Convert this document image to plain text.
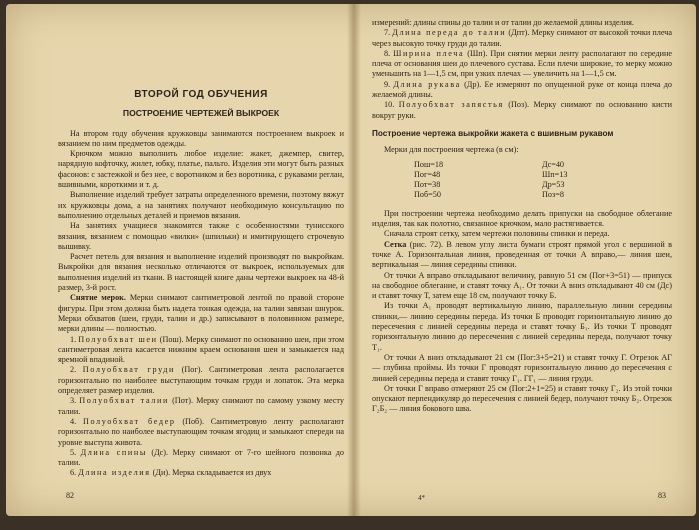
ВТОРОЙ ГОД ОБУЧЕНИЯ
ПОСТРОЕНИЕ ЧЕРТЕЖЕЙ ВЫКРОЕК

На втором году обучения кружковцы занимаются построением выкроек и вязанием по ним предметов одежды.

Крючком можно выполнить любое изделие: жакет, джемпер, свитер, нарядную кофточку, жилет, юбку, платье, пальто. Изделия эти могут быть разных фасонов: с застежкой и без нее, с воротником и без воротника, с рукавами реглан, вшивными, короткими и т. д.

Выполнение изделий требует затраты определенного времени, поэтому вяжут их кружковцы дома, а на занятиях получают необходимую консультацию по выполнению отдельных деталей и приемов вязания.

На занятиях учащиеся знакомятся также с особенностями тунисского вязания, вязанием с помощью «вилки» (шпильки) и имитирующего строчевую вышивку.

Расчет петель для вязания и выполнение изделий производят по выкройкам. Выкройки для вязания несколько отличаются от выкроек, используемых для выполнения изделий из ткани. В настоящей книге даны чертежи выкроек на 48-й размер, 3-й рост.

Снятие мерок. Мерки снимают сантиметровой лентой по правой стороне фигуры. При этом должна быть надета тонкая одежда, на талии завязан шнурок. Мерки обхватов (шеи, груди, талии и др.) записывают в половинном размере, мерки длины — полностью.

1. Полуобхват шеи (Пош). Мерку снимают по основанию шеи, при этом сантиметровая лента касается нижним краем основания шеи и замыкается над яремной впадиной.

2. Полуобхват груди (Пог). Сантиметровая лента располагается горизонтально по наиболее выступающим точкам груди и лопаток. Эта мерка определяет размер изделия.

3. Полуобхват талии (Пот). Мерку снимают по самому узкому месту талии.

4. Полуобхват бедер (Поб). Сантиметровую ленту располагают горизонтально по наиболее выступающим точкам ягодиц и замыкают спереди на уровне выступа живота.

5. Длина спины (Дс). Мерку снимают от 7-го шейного позвонка до талии.

6. Длина изделия (Ди). Мерка складывается из двух

82

измерений: длины спины до талии и от талии до желаемой длины изделия.

7. Длина переда до талии (Дпт). Мерку снимают от высокой точки плеча через высокую точку груди до талии.

8. Ширина плеча (Шп). При снятии мерки ленту располагают по середине плеча от основания шеи до плечевого сустава. Если плечи широкие, то мерку можно уменьшить на 1—1,5 см, при узких плечах — увеличить на 1—1,5 см.

9. Длина рукава (Др). Ее измеряют по опущенной руке от конца плеча до желаемой длины.

10. Полуобхват запястья (Поз). Мерку снимают по основанию кисти вокруг руки.

Построение чертежа выкройки жакета с вшивным рукавом

Мерки для построения чертежа (в см):

Пош=18	Дс=40
Пог=48	Шп=13
Пот=38	Др=53
Поб=50	Поз=8

При построении чертежа необходимо делать припуски на свободное облегание изделия, так как полотно, связанное крючком, мало растягивается.

Сначала строят сетку, затем чертежи половины спинки и переда.

Сетка (рис. 72). В левом углу листа бумаги строят прямой угол с вершиной в точке А. Горизонтальная линия, проведенная от точки А вправо,— линия шеи, вертикальная — линия середины спинки.

От точки А вправо откладывают величину, равную 51 см (Пог+3=51) — припуск на свободное облегание, и ставят точку А₁. От точки А вниз откладывают 40 см (Дс) и ставят точку Т, затем еще 18 см, получают точку Б.

Из точки А₁ проводят вертикальную линию, параллельную линии середины спинки,— линию середины переда. Из точки Б проводят горизонтальную линию до пересечения с линией середины переда и ставят точку Б₁. Из точки Т проводят горизонтальную линию до пересечения с линией середины переда, получают точку Т₁.

От точки А вниз откладывают 21 см (Пог:3+5=21) и ставят точку Г. Отрезок АГ — глубина проймы. Из точки Г проводят горизонтальную линию до пересечения с линией середины переда и ставят точку Г₁. ГГ₁ — линия груди.

От точки Г вправо отмеряют 25 см (Пог:2+1=25) и ставят точку Г₂. Из этой точки опускают перпендикуляр до пересечения с линией бедер, получают точку Б₂. Отрезок Г₂Б₂ — линия бокового шва.

4*	83
